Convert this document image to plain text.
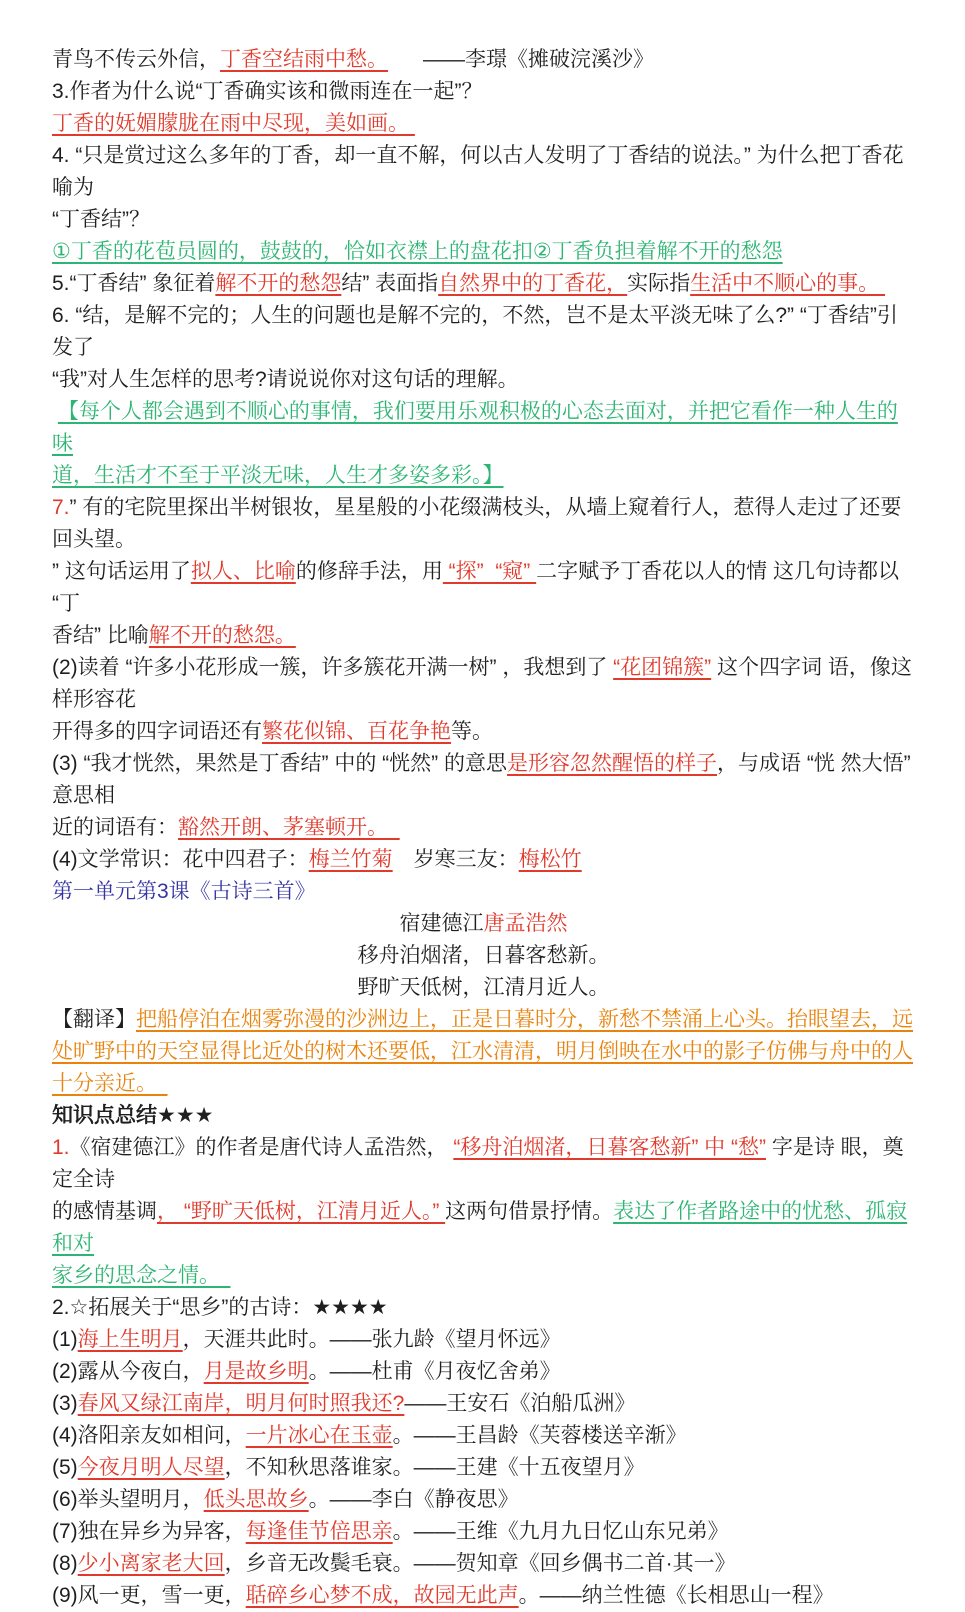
青鸟不传云外信，丁香空结雨中愁。      ——李璟《摊破浣溪沙》

3.作者为什么说“丁香确实该和微雨连在一起”？

丁香的妩媚朦胧在雨中尽现，美如画。

4. “只是赏过这么多年的丁香，却一直不解，何以古人发明了丁香结的说法。” 为什么把丁香花喻为

“丁香结”？

①丁香的花苞员圆的，鼓鼓的，恰如衣襟上的盘花扣②丁香负担着解不开的愁怨

5.“丁香结” 象征着解不开的愁怨结” 表面指自然界中的丁香花，实际指生活中不顺心的事。

6. “结，是解不完的；人生的问题也是解不完的，不然，岂不是太平淡无味了么?” “丁香结”引发了

“我”对人生怎样的思考?请说说你对这句话的理解。

【每个人都会遇到不顺心的事情，我们要用乐观积极的心态去面对，并把它看作一种人生的味

道，生活才不至于平淡无味，人生才多姿多彩。】

7.” 有的宅院里探出半树银妆，星星般的小花缀满枝头，从墙上窥着行人，惹得人走过了还要 回头望。

” 这句话运用了拟人、比喻的修辞手法，用 “探”  “窥” 二字赋予丁香花以人的情 这几句诗都以 “丁

香结” 比喻解不开的愁怨。

(2)读着 “许多小花形成一簇，许多簇花开满一树” ，我想到了 “花团锦簇” 这个四字词 语，像这样形容花

开得多的四字词语还有繁花似锦、百花争艳等。

(3) “我才恍然，果然是丁香结” 中的 “恍然” 的意思是形容忽然醒悟的样子，与成语 “恍 然大悟” 意思相

近的词语有：豁然开朗、茅塞顿开。

(4)文学常识：花中四君子：梅兰竹菊　岁寒三友：梅松竹

第一单元第3课《古诗三首》

宿建德江唐孟浩然

移舟泊烟渚，日暮客愁新。

野旷天低树，江清月近人。

【翻译】把船停泊在烟雾弥漫的沙洲边上，正是日暮时分，新愁不禁涌上心头。抬眼望去，远

处旷野中的天空显得比近处的树木还要低，江水清清，明月倒映在水中的影子仿佛与舟中的人

十分亲近。　

知识点总结★★★

1.《宿建德江》的作者是唐代诗人孟浩然， “移舟泊烟渚，日暮客愁新” 中 “愁” 字是诗 眼，奠定全诗

的感情基调， “野旷天低树，江清月近人。” 这两句借景抒情。表达了作者路途中的忧愁、孤寂和对

家乡的思念之情。　

2.☆拓展关于“思乡”的古诗：★★★★

(1)海上生明月，天涯共此时。——张九龄《望月怀远》

(2)露从今夜白，月是故乡明。——杜甫《月夜忆舍弟》

(3)春风又绿江南岸，明月何时照我还?——王安石《泊船瓜洲》

(4)洛阳亲友如相问，一片冰心在玉壶。——王昌龄《芙蓉楼送辛渐》

(5)今夜月明人尽望，不知秋思落谁家。——王建《十五夜望月》

(6)举头望明月，低头思故乡。——李白《静夜思》

(7)独在异乡为异客，每逢佳节倍思亲。——王维《九月九日忆山东兄弟》

(8)少小离家老大回，乡音无改鬓毛衰。——贺知章《回乡偶书二首·其一》

(9)风一更，雪一更，聒碎乡心梦不成，故园无此声。——纳兰性德《长相思山一程》
